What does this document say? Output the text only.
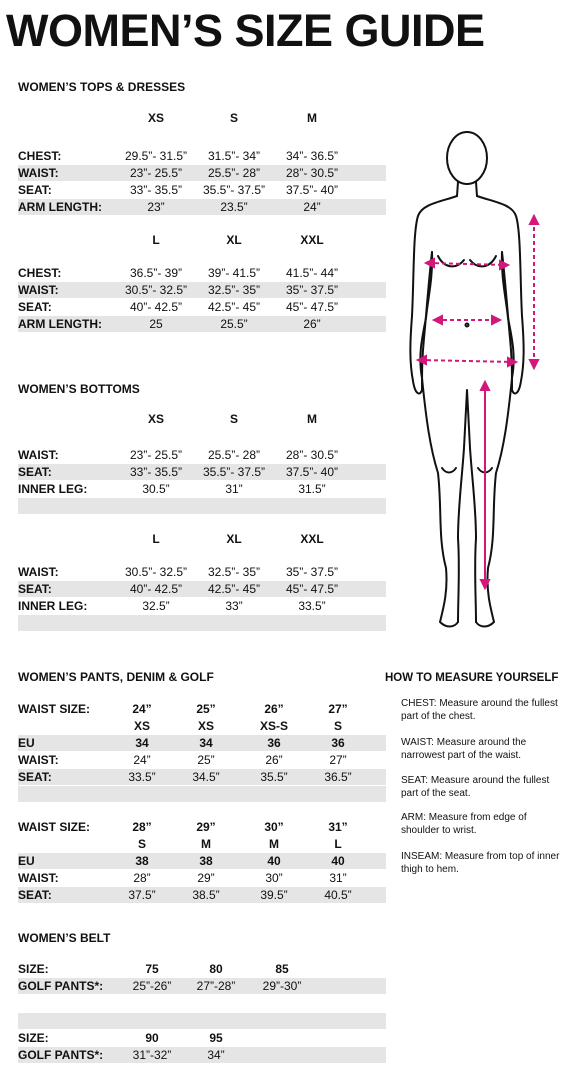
WOMEN’S SIZE GUIDE
WOMEN’S TOPS & DRESSES
WOMEN’S BOTTOMS
WOMEN’S PANTS, DENIM & GOLF
WOMEN’S BELT
HOW TO MEASURE YOURSELF
XS	S	M
CHEST:	29.5”- 31.5”	31.5”- 34”	34”- 36.5”
WAIST:	23”- 25.5”	25.5”- 28”	28”- 30.5”
SEAT:	33”- 35.5”	35.5”- 37.5”	37.5”- 40”
ARM LENGTH:	23”	23.5”	24”
L	XL	XXL
CHEST:	36.5”- 39”	39”- 41.5”	41.5”- 44”
WAIST:	30.5”- 32.5”	32.5”- 35”	35”- 37.5”
SEAT:	40”- 42.5”	42.5”- 45”	45”- 47.5”
ARM LENGTH:	25	25.5”	26”
XS	S	M
WAIST:	23”- 25.5”	25.5”- 28”	28”- 30.5”
SEAT:	33”- 35.5”	35.5”- 37.5”	37.5”- 40”
INNER LEG:	30.5”	31”	31.5”
L	XL	XXL
WAIST:	30.5”- 32.5”	32.5”- 35”	35”- 37.5”
SEAT:	40”- 42.5”	42.5”- 45”	45”- 47.5”
INNER LEG:	32.5”	33”	33.5”
WAIST SIZE:	24”	25”	26”	27”
XS	XS	XS-S	S
EU	34	34	36	36
WAIST:	24”	25”	26”	27”
SEAT:	33.5”	34.5”	35.5”	36.5”
WAIST SIZE:	28”	29”	30”	31”
S	M	M	L
EU	38	38	40	40
WAIST:	28”	29”	30”	31”
SEAT:	37.5”	38.5”	39.5”	40.5”
SIZE:	75	80	85
GOLF PANTS*:	25”-26”	27”-28”	29”-30”
SIZE:	90	95
GOLF PANTS*:	31”-32”	34”
CHEST: Measure around the fullest part of the chest.
WAIST: Measure around the narrowest part of the waist.
SEAT: Measure around the fullest part of the seat.
ARM: Measure from edge of shoulder to wrist.
INSEAM: Measure from top of inner thigh to hem.
